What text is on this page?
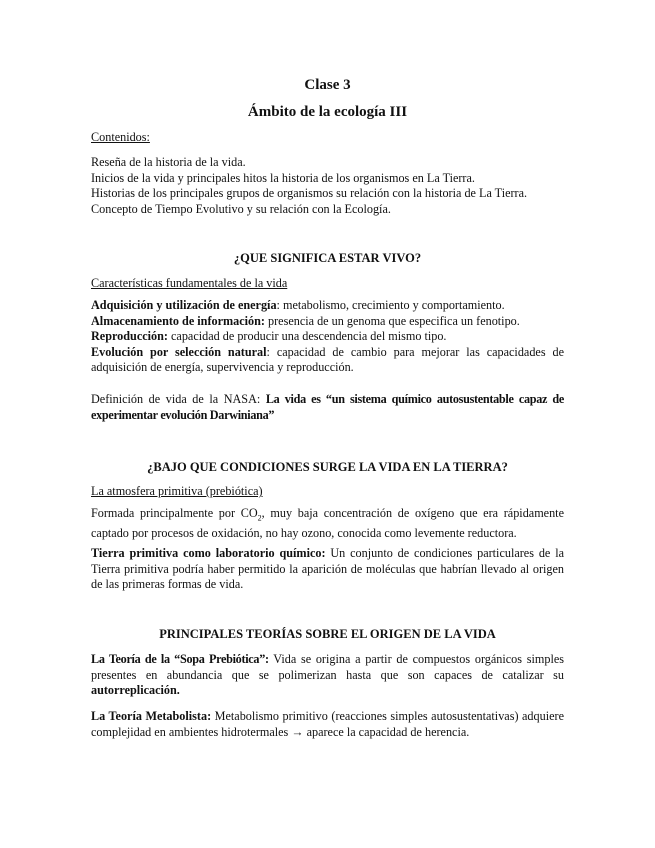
Clase 3

Ámbito de la ecología III

Contenidos:

Reseña de la historia de la vida.

Inicios de la vida y principales hitos la historia de los organismos en La Tierra.

Historias de los principales grupos de organismos su relación con la historia de La Tierra.

Concepto de Tiempo Evolutivo y su relación con la Ecología.

¿QUE SIGNIFICA ESTAR VIVO?

Características fundamentales de la vida

Adquisición y utilización de energía: metabolismo, crecimiento y comportamiento.

Almacenamiento de información: presencia de un genoma que especifica un fenotipo.

Reproducción: capacidad de producir una descendencia del mismo tipo.

Evolución por selección natural: capacidad de cambio para mejorar las capacidades de adquisición de energía, supervivencia y reproducción.

Definición de vida de la NASA: La vida es “un sistema químico autosustentable capaz de experimentar evolución Darwiniana”

¿BAJO QUE CONDICIONES SURGE LA VIDA EN LA TIERRA?

La atmosfera primitiva (prebiótica)

Formada principalmente por $CO_2$, muy baja concentración de oxígeno que era rápidamente captado por procesos de oxidación, no hay ozono, conocida como levemente reductora.

Tierra primitiva como laboratorio químico: Un conjunto de condiciones particulares de la Tierra primitiva podría haber permitido la aparición de moléculas que habrían llevado al origen de las primeras formas de vida.

PRINCIPALES TEORÍAS SOBRE EL ORIGEN DE LA VIDA

La Teoría de la “Sopa Prebiótica”: Vida se origina a partir de compuestos orgánicos simples presentes en abundancia que se polimerizan hasta que son capaces de catalizar su autorreplicación.

La Teoría Metabolista: Metabolismo primitivo (reacciones simples autosustentativas) adquiere complejidad en ambientes hidrotermales → aparece la capacidad de herencia.
